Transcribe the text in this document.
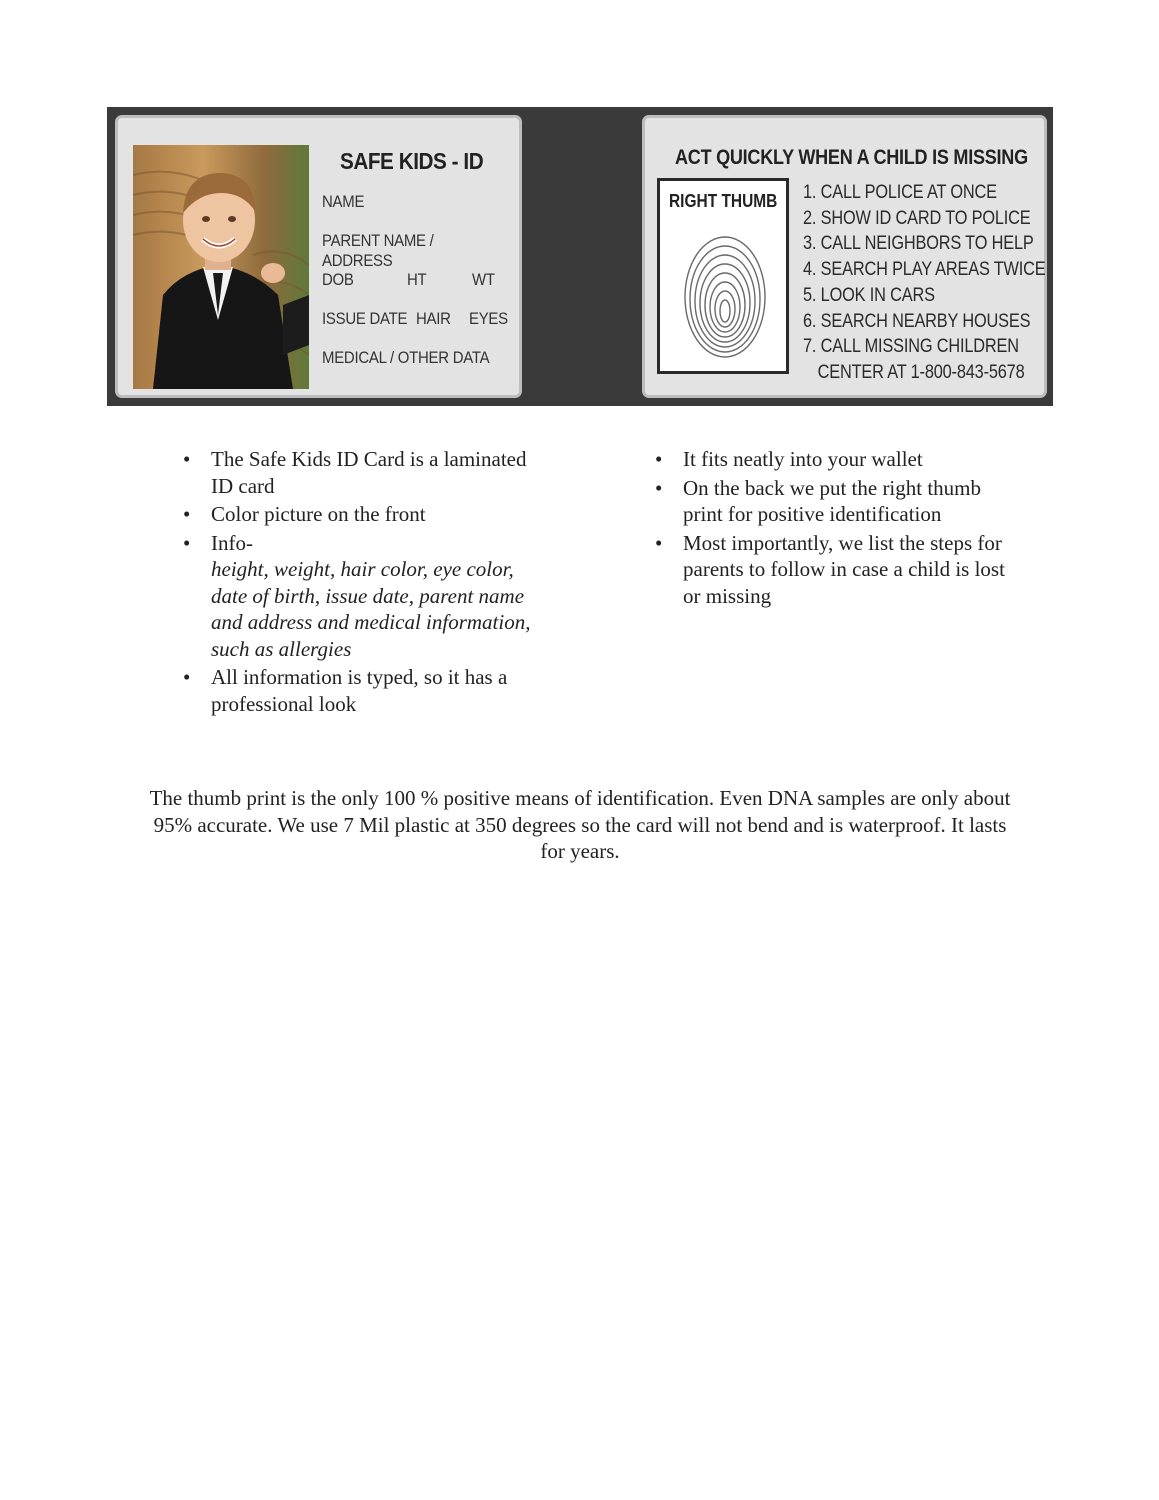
SAFE KIDS - ID
NAME
PARENT NAME / ADDRESS
DOB	HT	WT
ISSUE DATE HAIR EYES
MEDICAL / OTHER DATA
ACT QUICKLY WHEN A CHILD IS MISSING
RIGHT THUMB 1. CALL POLICE AT ONCE
2. SHOW ID CARD TO POLICE
3. CALL NEIGHBORS TO HELP
4. SEARCH PLAY AREAS TWICE
5. LOOK IN CARS
6. SEARCH NEARBY HOUSES
7. CALL MISSING CHILDREN
CENTER AT 1-800-843-5678
• The Safe Kids ID Card is a laminated ID card
• Color picture on the front
• Info-
height, weight, hair color, eye color, date of birth, issue date, parent name and address and medical information, such as allergies
• All information is typed, so it has a professional look
• It fits neatly into your wallet
• On the back we put the right thumb print for positive identification
• Most importantly, we list the steps for parents to follow in case a child is lost or missing
The thumb print is the only 100 % positive means of identification. Even DNA samples are only about 95% accurate. We use 7 Mil plastic at 350 degrees so the card will not bend and is waterproof. It lasts for years.
